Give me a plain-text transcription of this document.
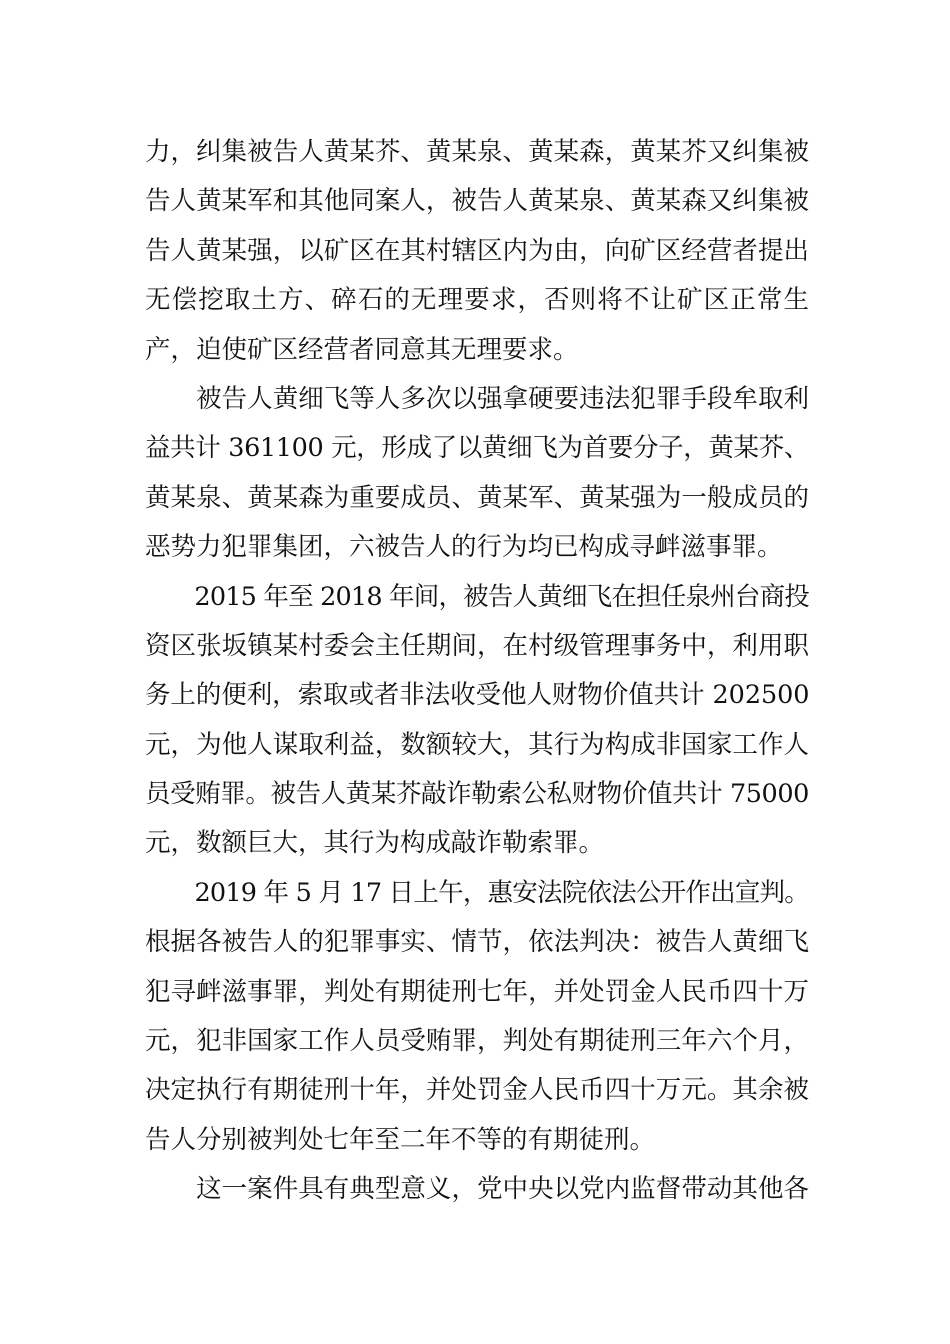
力，纠集被告人黄某芥、黄某泉、黄某森，黄某芥又纠集被
告人黄某军和其他同案人，被告人黄某泉、黄某森又纠集被
告人黄某强，以矿区在其村辖区内为由，向矿区经营者提出
无偿挖取土方、碎石的无理要求，否则将不让矿区正常生
产，迫使矿区经营者同意其无理要求。
　　被告人黄细飞等人多次以强拿硬要违法犯罪手段牟取利
益共计 361100 元，形成了以黄细飞为首要分子，黄某芥、
黄某泉、黄某森为重要成员、黄某军、黄某强为一般成员的
恶势力犯罪集团，六被告人的行为均已构成寻衅滋事罪。
　　2015 年至 2018 年间，被告人黄细飞在担任泉州台商投
资区张坂镇某村委会主任期间，在村级管理事务中，利用职
务上的便利，索取或者非法收受他人财物价值共计 202500
元，为他人谋取利益，数额较大，其行为构成非国家工作人
员受贿罪。被告人黄某芥敲诈勒索公私财物价值共计 75000
元，数额巨大，其行为构成敲诈勒索罪。
　　2019 年 5 月 17 日上午，惠安法院依法公开作出宣判。
根据各被告人的犯罪事实、情节，依法判决：被告人黄细飞
犯寻衅滋事罪，判处有期徒刑七年，并处罚金人民币四十万
元，犯非国家工作人员受贿罪，判处有期徒刑三年六个月，
决定执行有期徒刑十年，并处罚金人民币四十万元。其余被
告人分别被判处七年至二年不等的有期徒刑。
　　这一案件具有典型意义，党中央以党内监督带动其他各
